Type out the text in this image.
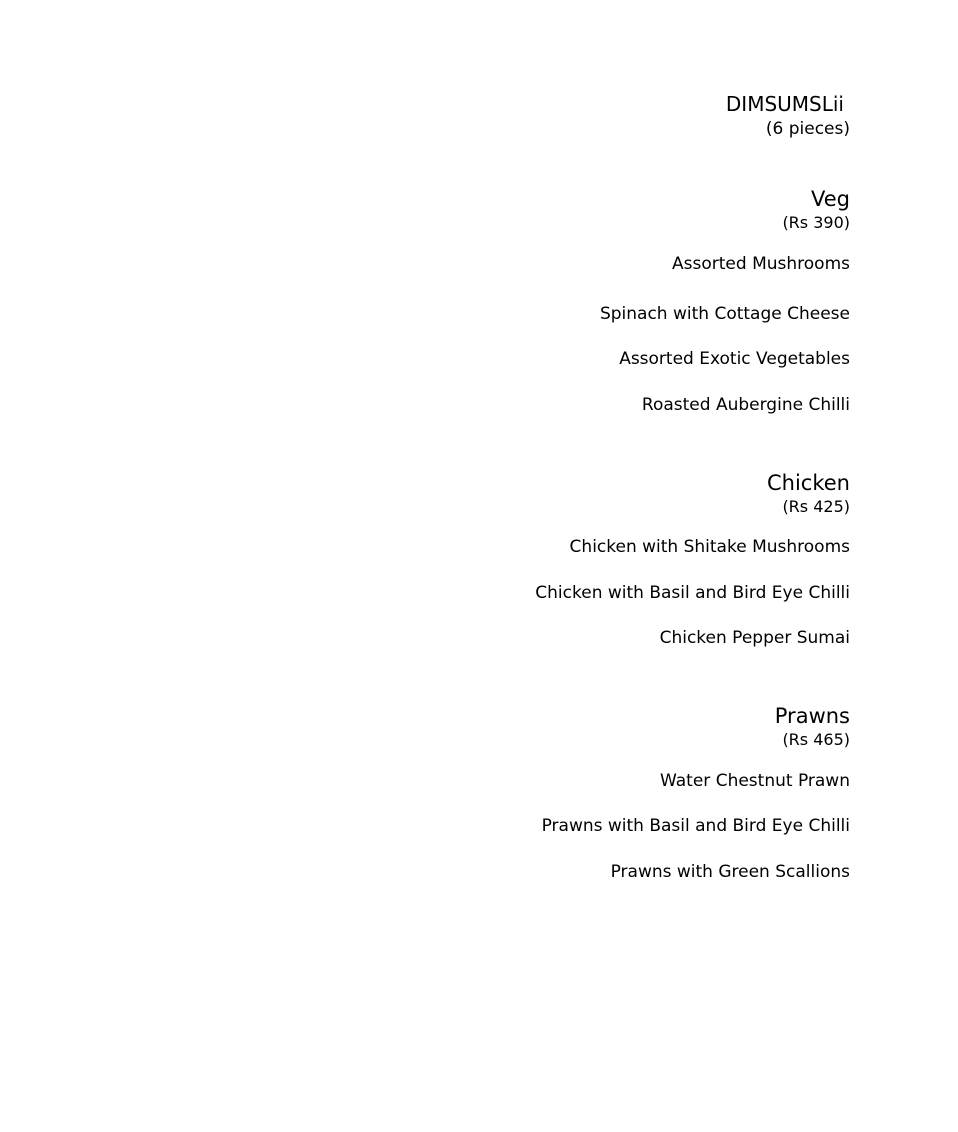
DIMSUMSLii
(6 pieces)
Veg
(Rs 390)
Assorted Mushrooms
Spinach with Cottage Cheese
Assorted Exotic Vegetables
Roasted Aubergine Chilli
Chicken
(Rs 425)
Chicken with Shitake Mushrooms
Chicken with Basil and Bird Eye Chilli
Chicken Pepper Sumai
Prawns
(Rs 465)
Water Chestnut Prawn
Prawns with Basil and Bird Eye Chilli
Prawns with Green Scallions
